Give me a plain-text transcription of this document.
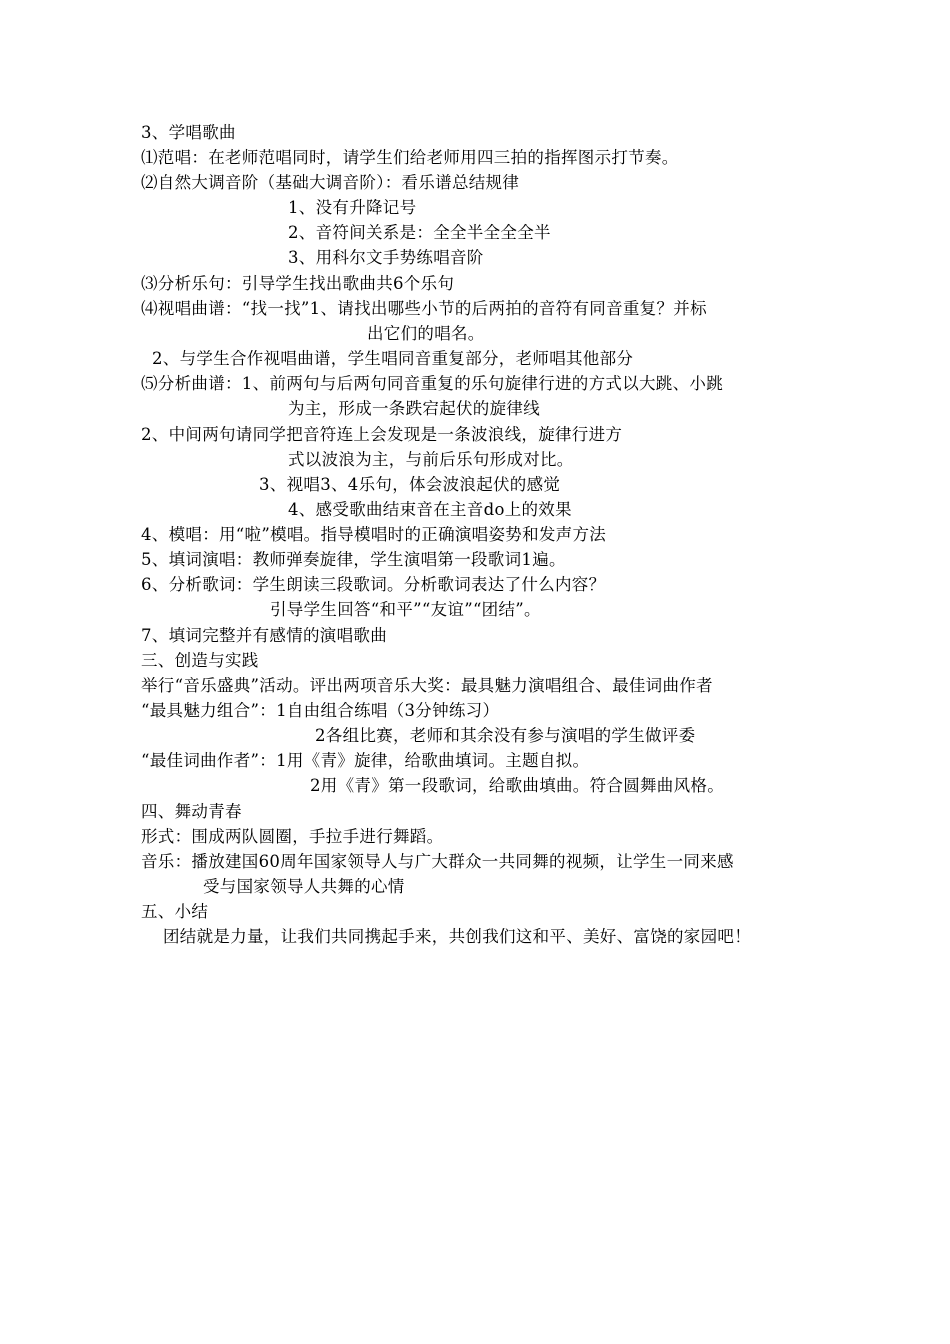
3、学唱歌曲
⑴范唱：在老师范唱同时，请学生们给老师用四三拍的指挥图示打节奏。
⑵自然大调音阶（基础大调音阶）：看乐谱总结规律
1、没有升降记号
2、音符间关系是：全全半全全全半
3、用科尔文手势练唱音阶
⑶分析乐句：引导学生找出歌曲共6个乐句
⑷视唱曲谱：“找一找”1、请找出哪些小节的后两拍的音符有同音重复？并标
出它们的唱名。
2、与学生合作视唱曲谱，学生唱同音重复部分，老师唱其他部分
⑸分析曲谱：1、前两句与后两句同音重复的乐句旋律行进的方式以大跳、小跳
为主，形成一条跌宕起伏的旋律线
2、中间两句请同学把音符连上会发现是一条波浪线，旋律行进方
式以波浪为主，与前后乐句形成对比。
3、视唱3、4乐句，体会波浪起伏的感觉
4、感受歌曲结束音在主音do上的效果
4、模唱：用“啦”模唱。指导模唱时的正确演唱姿势和发声方法
5、填词演唱：教师弹奏旋律，学生演唱第一段歌词1遍。
6、分析歌词：学生朗读三段歌词。分析歌词表达了什么内容？
引导学生回答“和平”“友谊”“团结”。
7、填词完整并有感情的演唱歌曲
三、创造与实践
举行“音乐盛典”活动。评出两项音乐大奖：最具魅力演唱组合、最佳词曲作者
“最具魅力组合”：1自由组合练唱（3分钟练习）
2各组比赛，老师和其余没有参与演唱的学生做评委
“最佳词曲作者”：1用《青》旋律，给歌曲填词。主题自拟。
2用《青》第一段歌词，给歌曲填曲。符合圆舞曲风格。
四、舞动青春
形式：围成两队圆圈，手拉手进行舞蹈。
音乐：播放建国60周年国家领导人与广大群众一共同舞的视频，让学生一同来感
受与国家领导人共舞的心情
五、小结
团结就是力量，让我们共同携起手来，共创我们这和平、美好、富饶的家园吧！
